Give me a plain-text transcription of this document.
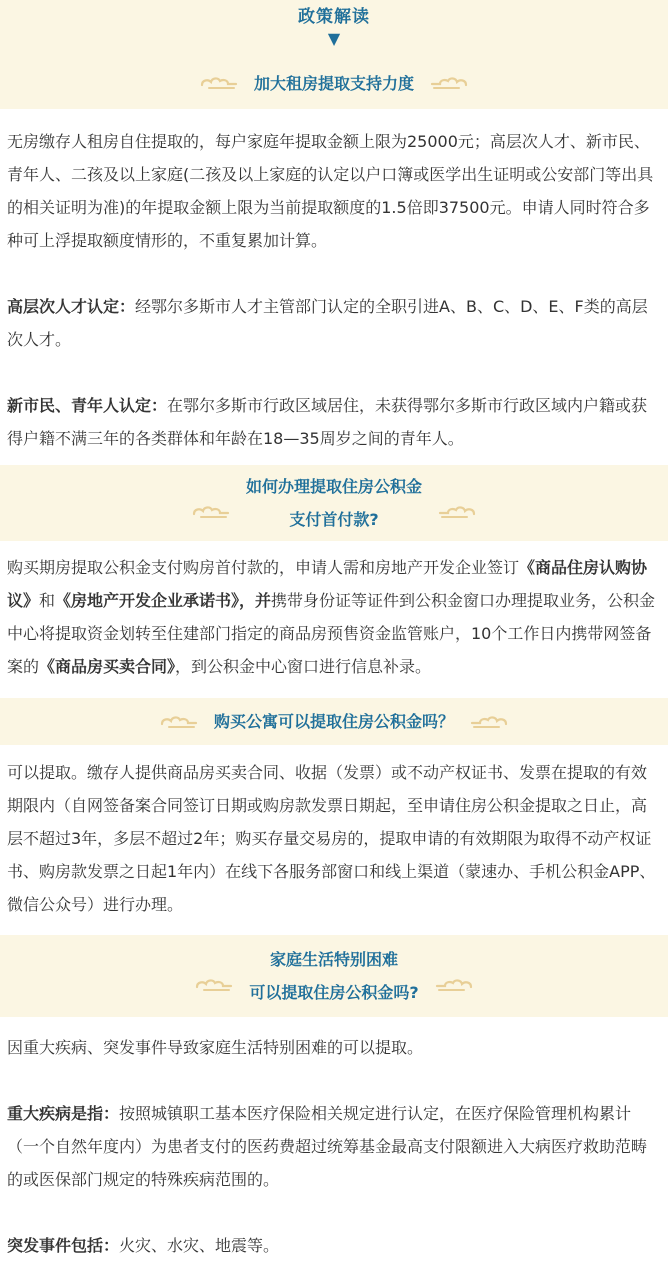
政策解读
▼
加大租房提取支持力度

无房缴存人租房自住提取的，每户家庭年提取金额上限为25000元；高层次人才、新市民、青年人、二孩及以上家庭(二孩及以上家庭的认定以户口簿或医学出生证明或公安部门等出具的相关证明为准)的年提取金额上限为当前提取额度的1.5倍即37500元。申请人同时符合多种可上浮提取额度情形的，不重复累加计算。

高层次人才认定：经鄂尔多斯市人才主管部门认定的全职引进A、B、C、D、E、F类的高层次人才。

新市民、青年人认定：在鄂尔多斯市行政区域居住，未获得鄂尔多斯市行政区域内户籍或获得户籍不满三年的各类群体和年龄在18—35周岁之间的青年人。

如何办理提取住房公积金
支付首付款?

购买期房提取公积金支付购房首付款的，申请人需和房地产开发企业签订《商品住房认购协议》和《房地产开发企业承诺书》，并携带身份证等证件到公积金窗口办理提取业务，公积金中心将提取资金划转至住建部门指定的商品房预售资金监管账户，10个工作日内携带网签备案的《商品房买卖合同》，到公积金中心窗口进行信息补录。

购买公寓可以提取住房公积金吗？

可以提取。缴存人提供商品房买卖合同、收据（发票）或不动产权证书、发票在提取的有效期限内（自网签备案合同签订日期或购房款发票日期起，至申请住房公积金提取之日止，高层不超过3年，多层不超过2年；购买存量交易房的，提取申请的有效期限为取得不动产权证书、购房款发票之日起1年内）在线下各服务部窗口和线上渠道（蒙速办、手机公积金APP、微信公众号）进行办理。

家庭生活特别困难
可以提取住房公积金吗?

因重大疾病、突发事件导致家庭生活特别困难的可以提取。

重大疾病是指：按照城镇职工基本医疗保险相关规定进行认定，在医疗保险管理机构累计（一个自然年度内）为患者支付的医药费超过统筹基金最高支付限额进入大病医疗救助范畴的或医保部门规定的特殊疾病范围的。

突发事件包括：火灾、水灾、地震等。
